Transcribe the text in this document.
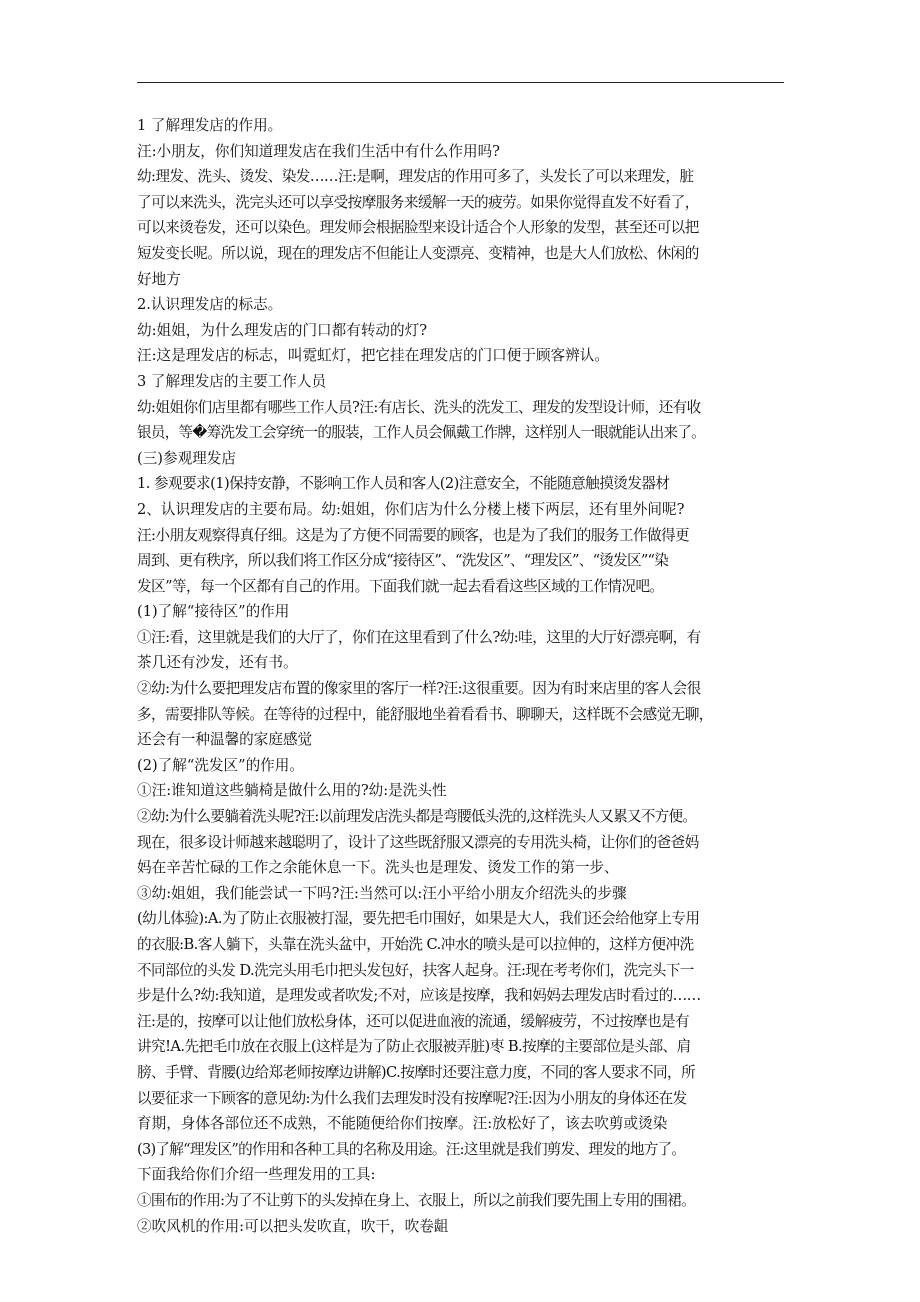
1 了解理发店的作用。
汪:小朋友，你们知道理发店在我们生活中有什么作用吗?
幼:理发、洗头、烫发、染发……汪:是啊，理发店的作用可多了，头发长了可以来理发，脏
了可以来洗头，洗完头还可以享受按摩服务来缓解一天的疲劳。如果你觉得直发不好看了，
可以来烫卷发，还可以染色。理发师会根据脸型来设计适合个人形象的发型，甚至还可以把
短发变长呢。所以说，现在的理发店不但能让人变漂亮、变精神，也是大人们放松、休闲的
好地方
2.认识理发店的标志。
幼:姐姐，为什么理发店的门口都有转动的灯?
汪:这是理发店的标志，叫霓虹灯，把它挂在理发店的门口便于顾客辨认。
3 了解理发店的主要工作人员
幼:姐姐你们店里都有哪些工作人员?汪:有店长、洗头的洗发工、理发的发型设计师，还有收
银员，等�筹洗发工会穿统一的服装，工作人员会佩戴工作牌，这样别人一眼就能认出来了。
(三)参观理发店
1. 参观要求(1)保持安静，不影响工作人员和客人(2)注意安全，不能随意触摸烫发器材
2、认识理发店的主要布局。幼:姐姐，你们店为什么分楼上楼下两层，还有里外间呢?
汪:小朋友观察得真仔细。这是为了方便不同需要的顾客，也是为了我们的服务工作做得更
周到、更有秩序，所以我们将工作区分成“接待区”、“洗发区”、“理发区”、“烫发区”“染
发区”等，每一个区都有自己的作用。下面我们就一起去看看这些区域的工作情况吧。
(1)了解“接待区”的作用
①汪:看，这里就是我们的大厅了，你们在这里看到了什么?幼:哇，这里的大厅好漂亮啊，有
茶几还有沙发，还有书。
②幼:为什么要把理发店布置的像家里的客厅一样?汪:这很重要。因为有时来店里的客人会很
多，需要排队等候。在等待的过程中，能舒服地坐着看看书、聊聊天，这样既不会感觉无聊，
还会有一种温馨的家庭感觉
(2)了解“洗发区”的作用。
①汪:谁知道这些躺椅是做什么用的?幼:是洗头性
②幼:为什么要躺着洗头呢?汪:以前理发店洗头都是弯腰低头洗的,这样洗头人又累又不方便。
现在，很多设计师越来越聪明了，设计了这些既舒服又漂亮的专用洗头椅，让你们的爸爸妈
妈在辛苦忙碌的工作之余能休息一下。洗头也是理发、烫发工作的第一步、
③幼:姐姐，我们能尝试一下吗?汪:当然可以:汪小平给小朋友介绍洗头的步骤
(幼儿体验):A.为了防止衣服被打湿，要先把毛巾围好，如果是大人，我们还会给他穿上专用
的衣服:B.客人躺下，头靠在洗头盆中，开始洗 C.冲水的喷头是可以拉伸的，这样方便冲洗
不同部位的头发 D.洗完头用毛巾把头发包好，扶客人起身。汪:现在考考你们，洗完头下一
步是什么?幼:我知道，是理发或者吹发;不对，应该是按摩，我和妈妈去理发店时看过的……
汪:是的，按摩可以让他们放松身体，还可以促进血液的流通，缓解疲劳，不过按摩也是有
讲究!A.先把毛巾放在衣服上(这样是为了防止衣服被弄脏)枣 B.按摩的主要部位是头部、肩
膀、手臂、背腰(边给郑老师按摩边讲解)C.按摩时还要注意力度，不同的客人要求不同，所
以要征求一下顾客的意见幼:为什么我们去理发时没有按摩呢?汪:因为小朋友的身体还在发
育期，身体各部位还不成熟，不能随便给你们按摩。汪:放松好了，该去吹剪或烫染
(3)了解“理发区”的作用和各种工具的名称及用途。汪:这里就是我们剪发、理发的地方了。
下面我给你们介绍一些理发用的工具:
①围布的作用:为了不让剪下的头发掉在身上、衣服上，所以之前我们要先围上专用的围裙。
②吹风机的作用:可以把头发吹直，吹干，吹卷龃
